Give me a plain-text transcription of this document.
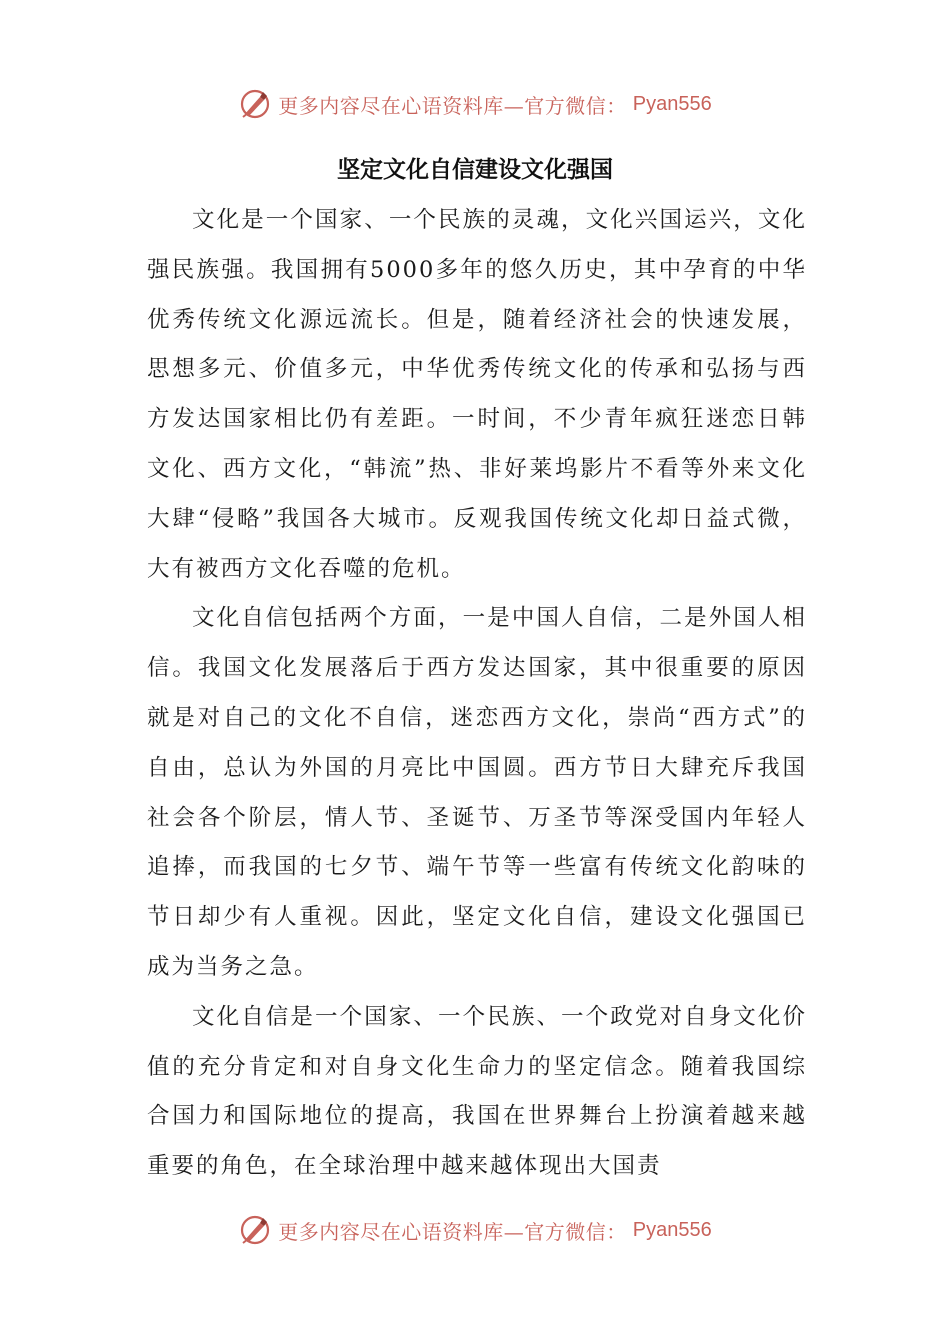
更多内容尽在心语资料库—官方微信： Pyan556
坚定文化自信建设文化强国

文化是一个国家、一个民族的灵魂，文化兴国运兴，文化强民族强。我国拥有5000多年的悠久历史，其中孕育的中华优秀传统文化源远流长。但是，随着经济社会的快速发展，思想多元、价值多元，中华优秀传统文化的传承和弘扬与西方发达国家相比仍有差距。一时间，不少青年疯狂迷恋日韩文化、西方文化，“韩流”热、非好莱坞影片不看等外来文化大肆“侵略”我国各大城市。反观我国传统文化却日益式微，大有被西方文化吞噬的危机。

文化自信包括两个方面，一是中国人自信，二是外国人相信。我国文化发展落后于西方发达国家，其中很重要的原因就是对自己的文化不自信，迷恋西方文化，崇尚“西方式”的自由，总认为外国的月亮比中国圆。西方节日大肆充斥我国社会各个阶层，情人节、圣诞节、万圣节等深受国内年轻人追捧，而我国的七夕节、端午节等一些富有传统文化韵味的节日却少有人重视。因此，坚定文化自信，建设文化强国已成为当务之急。

文化自信是一个国家、一个民族、一个政党对自身文化价值的充分肯定和对自身文化生命力的坚定信念。随着我国综合国力和国际地位的提高，我国在世界舞台上扮演着越来越重要的角色，在全球治理中越来越体现出大国责

更多内容尽在心语资料库—官方微信： Pyan556
